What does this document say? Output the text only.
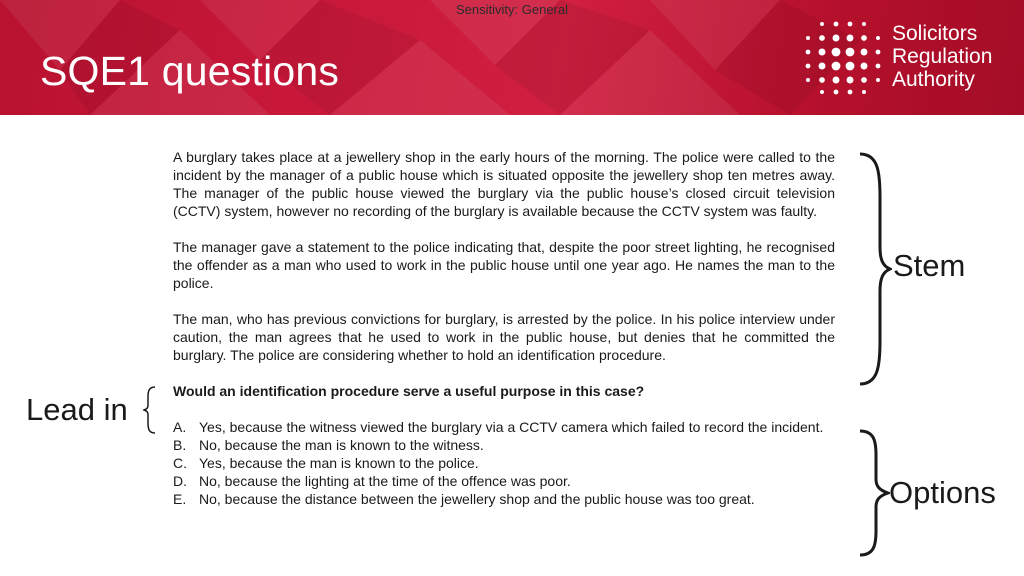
Sensitivity: General
SQE1 questions
Solicitors
Regulation
Authority

A burglary takes place at a jewellery shop in the early hours of the morning. The police were called to the incident by the manager of a public house which is situated opposite the jewellery shop ten metres away. The manager of the public house viewed the burglary via the public house’s closed circuit television (CCTV) system, however no recording of the burglary is available because the CCTV system was faulty.

The manager gave a statement to the police indicating that, despite the poor street lighting, he recognised the offender as a man who used to work in the public house until one year ago. He names the man to the police.

The man, who has previous convictions for burglary, is arrested by the police. In his police interview under caution, the man agrees that he used to work in the public house, but denies that he committed the burglary. The police are considering whether to hold an identification procedure.

Would an identification procedure serve a useful purpose in this case?

A. Yes, because the witness viewed the burglary via a CCTV camera which failed to record the incident.
B. No, because the man is known to the witness.
C. Yes, because the man is known to the police.
D. No, because the lighting at the time of the offence was poor.
E. No, because the distance between the jewellery shop and the public house was too great.
Stem
Lead in
Options
